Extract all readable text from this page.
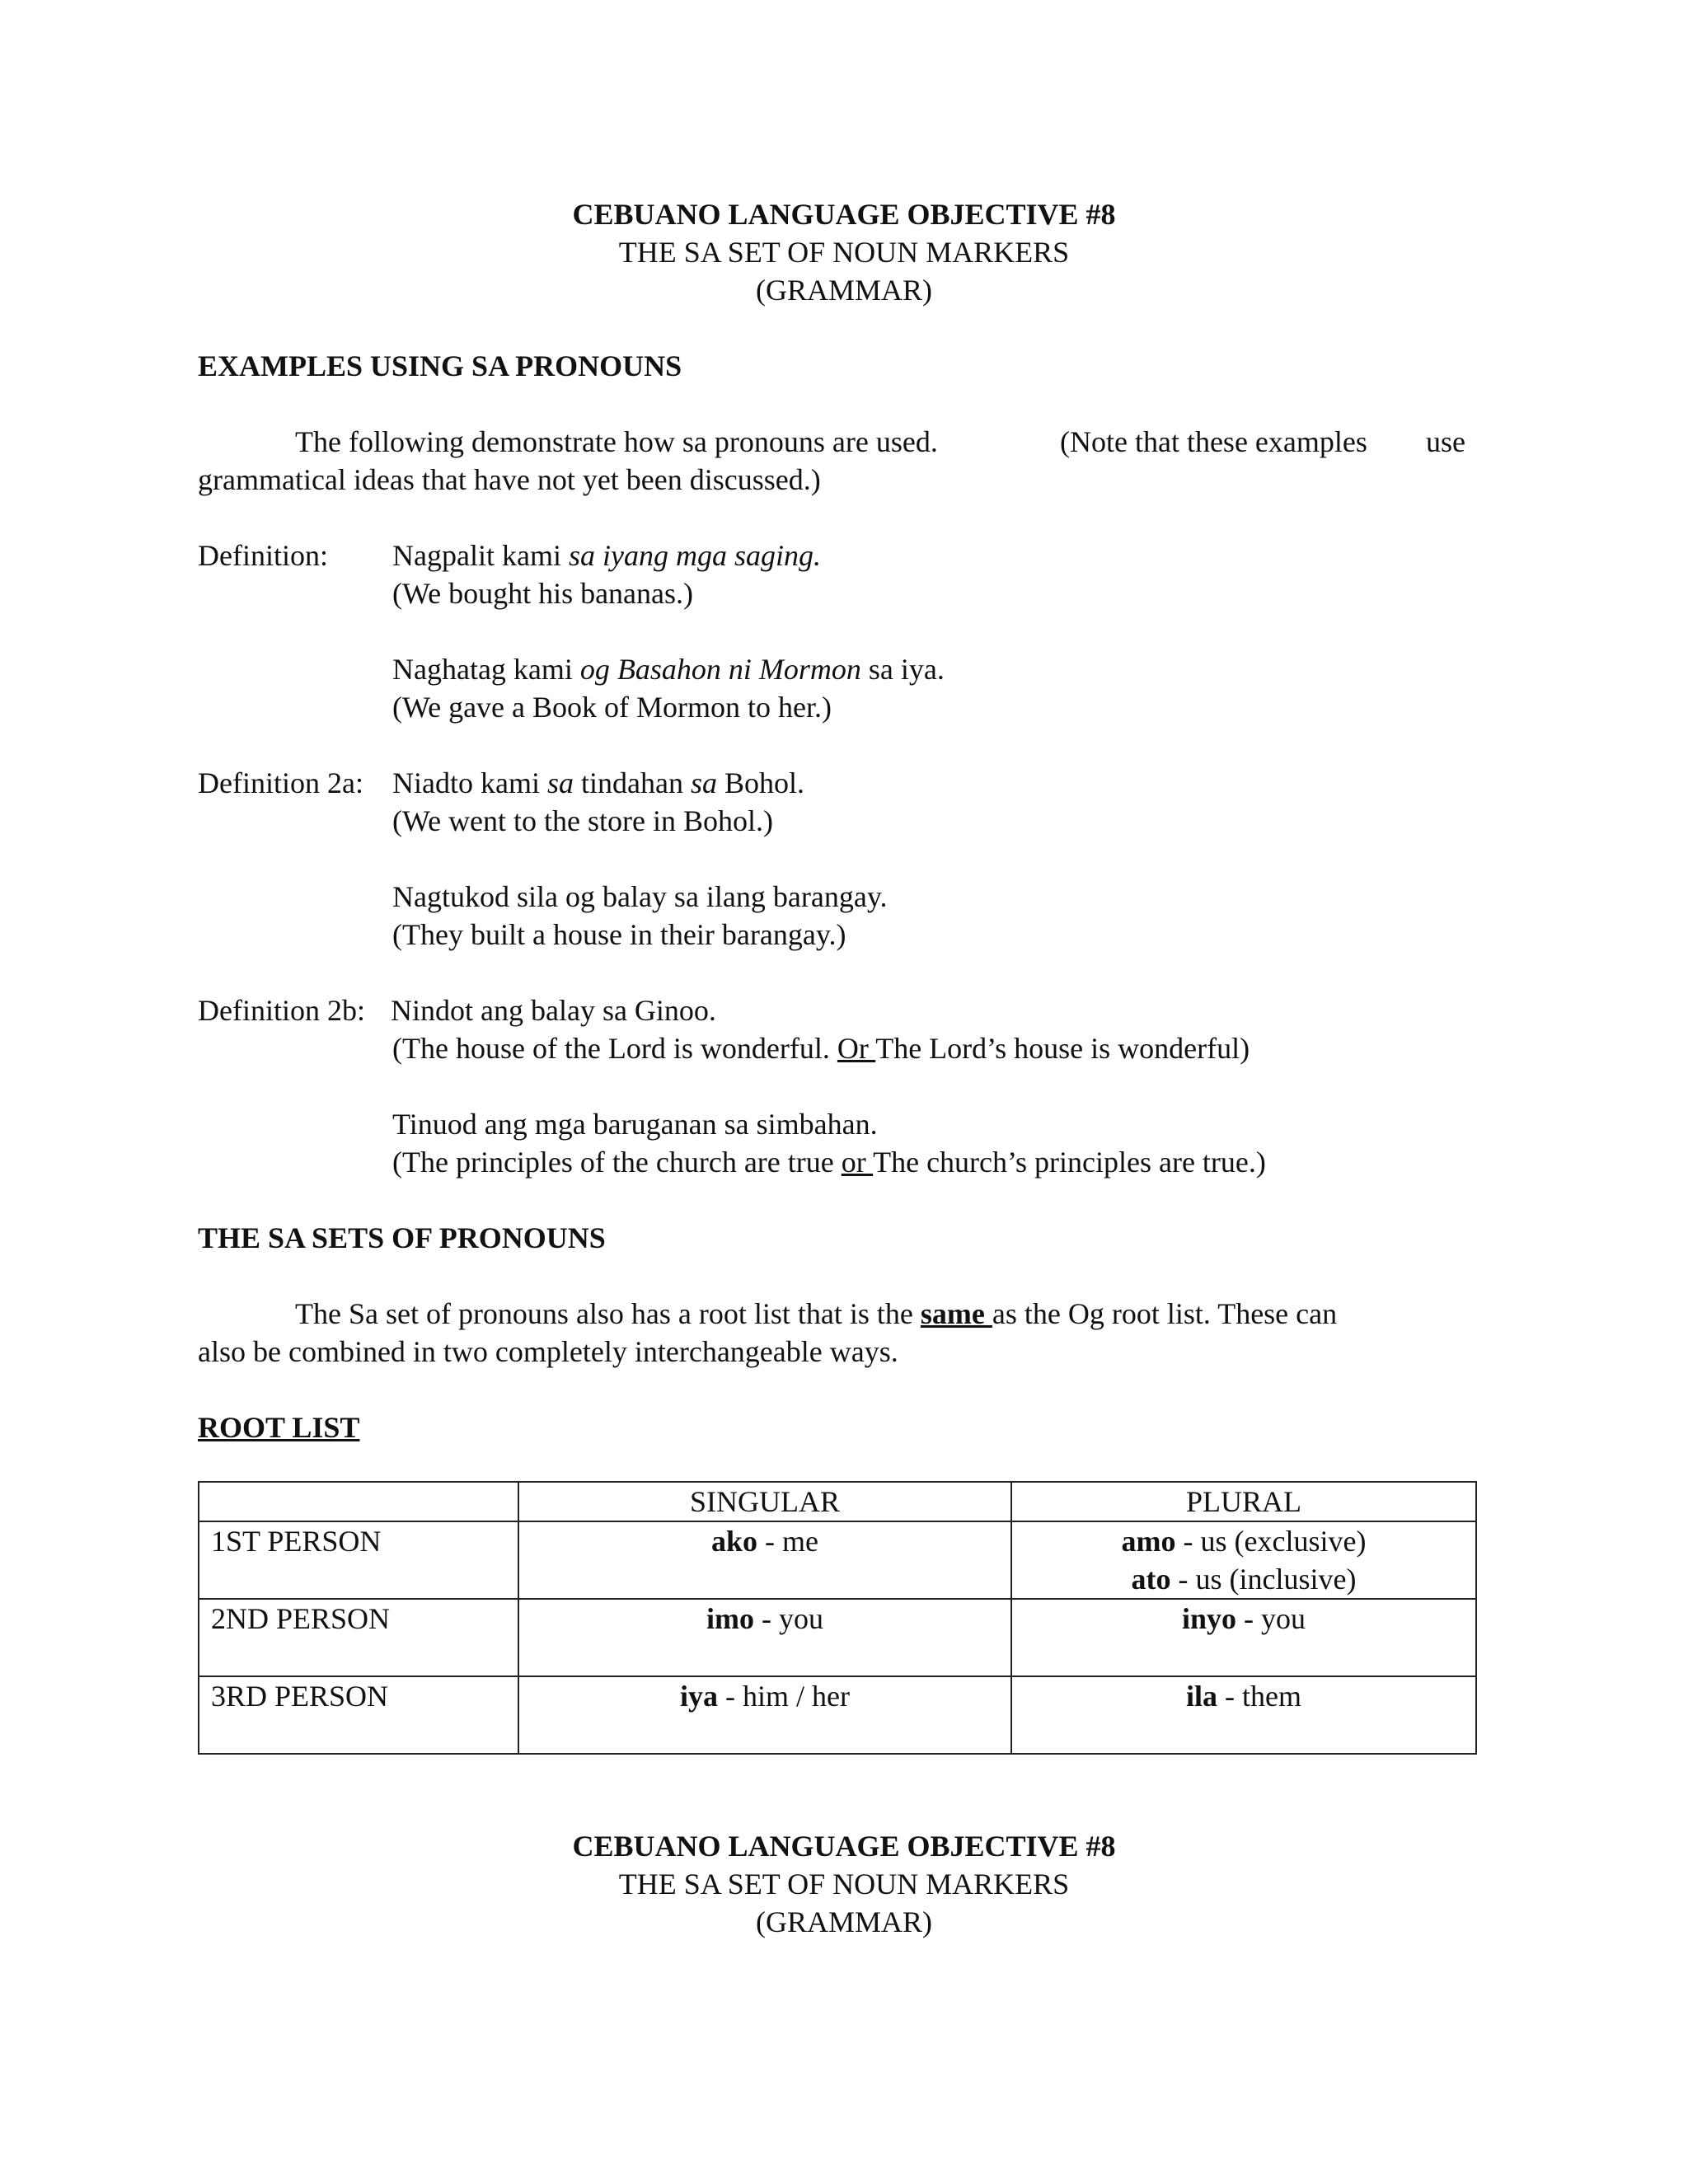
CEBUANO LANGUAGE OBJECTIVE #8
THE SA SET OF NOUN MARKERS
(GRAMMAR)
EXAMPLES USING SA PRONOUNS
The following demonstrate how sa pronouns are used.	(Note that these examples use
grammatical ideas that have not yet been discussed.)
Definition: Nagpalit kami sa iyang mga saging.
(We bought his bananas.)
Naghatag kami og Basahon ni Mormon sa iya.
(We gave a Book of Mormon to her.)
Definition 2a: Niadto kami sa tindahan sa Bohol.
(We went to the store in Bohol.)
Nagtukod sila og balay sa ilang barangay.
(They built a house in their barangay.)
Definition 2b: Nindot ang balay sa Ginoo.
(The house of the Lord is wonderful. Or The Lord’s house is wonderful)
Tinuod ang mga baruganan sa simbahan.
(The principles of the church are true or The church’s principles are true.)
THE SA SETS OF PRONOUNS
The Sa set of pronouns also has a root list that is the same as the Og root list. These can
also be combined in two completely interchangeable ways.
ROOT LIST
	SINGULAR	PLURAL
1ST PERSON	ako - me	amo - us (exclusive)
ato - us (inclusive)

2ND PERSON	imo - you	inyo - you
3RD PERSON	iya - him / her	ila - them
CEBUANO LANGUAGE OBJECTIVE #8
THE SA SET OF NOUN MARKERS
(GRAMMAR)
